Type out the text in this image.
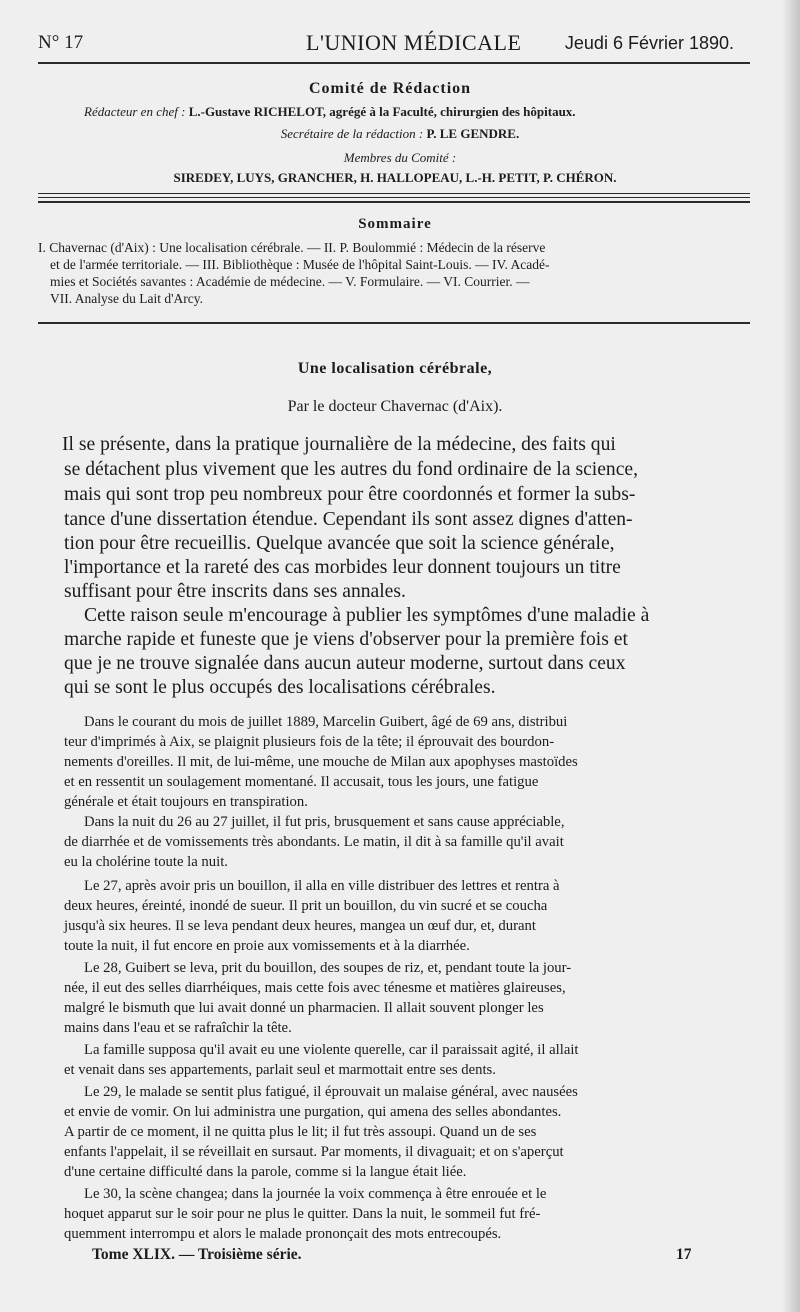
N° 17	L'UNION MÉDICALE Jeudi 6 Février 1890.
Comité de Rédaction
Rédacteur en chef : L.-Gustave RICHELOT, agrégé à la Faculté, chirurgien des hôpitaux.
Secrétaire de la rédaction : P. LE GENDRE.
Membres du Comité :
SIREDEY, LUYS, GRANCHER, H. HALLOPEAU, L.-H. PETIT, P. CHÉRON.
Sommaire
I. Chavernac (d'Aix) : Une localisation cérébrale. — II. P. Boulommié : Médecin de la réserve
et de l'armée territoriale. — III. Bibliothèque : Musée de l'hôpital Saint-Louis. — IV. Acadé-
mies et Sociétés savantes : Académie de médecine. — V. Formulaire. — VI. Courrier. —
VII. Analyse du Lait d'Arcy.
Une localisation cérébrale,
Par le docteur Chavernac (d'Aix).
Il se présente, dans la pratique journalière de la médecine, des faits qui
se détachent plus vivement que les autres du fond ordinaire de la science,
mais qui sont trop peu nombreux pour être coordonnés et former la subs-
tance d'une dissertation étendue. Cependant ils sont assez dignes d'atten-
tion pour être recueillis. Quelque avancée que soit la science générale,
l'importance et la rareté des cas morbides leur donnent toujours un titre
suffisant pour être inscrits dans ses annales.
Cette raison seule m'encourage à publier les symptômes d'une maladie à
marche rapide et funeste que je viens d'observer pour la première fois et
que je ne trouve signalée dans aucun auteur moderne, surtout dans ceux
qui se sont le plus occupés des localisations cérébrales.
Dans le courant du mois de juillet 1889, Marcelin Guibert, âgé de 69 ans, distribui
teur d'imprimés à Aix, se plaignit plusieurs fois de la tête; il éprouvait des bourdon-
nements d'oreilles. Il mit, de lui-même, une mouche de Milan aux apophyses mastoïdes
et en ressentit un soulagement momentané. Il accusait, tous les jours, une fatigue
générale et était toujours en transpiration.
Dans la nuit du 26 au 27 juillet, il fut pris, brusquement et sans cause appréciable,
de diarrhée et de vomissements très abondants. Le matin, il dit à sa famille qu'il avait
eu la cholérine toute la nuit.
Le 27, après avoir pris un bouillon, il alla en ville distribuer des lettres et rentra à
deux heures, éreinté, inondé de sueur. Il prit un bouillon, du vin sucré et se coucha
jusqu'à six heures. Il se leva pendant deux heures, mangea un œuf dur, et, durant
toute la nuit, il fut encore en proie aux vomissements et à la diarrhée.
Le 28, Guibert se leva, prit du bouillon, des soupes de riz, et, pendant toute la jour-
née, il eut des selles diarrhéiques, mais cette fois avec ténesme et matières glaireuses,
malgré le bismuth que lui avait donné un pharmacien. Il allait souvent plonger les
mains dans l'eau et se rafraîchir la tête.
La famille supposa qu'il avait eu une violente querelle, car il paraissait agité, il allait
et venait dans ses appartements, parlait seul et marmottait entre ses dents.
Le 29, le malade se sentit plus fatigué, il éprouvait un malaise général, avec nausées
et envie de vomir. On lui administra une purgation, qui amena des selles abondantes.
A partir de ce moment, il ne quitta plus le lit; il fut très assoupi. Quand un de ses
enfants l'appelait, il se réveillait en sursaut. Par moments, il divaguait; et on s'aperçut
d'une certaine difficulté dans la parole, comme si la langue était liée.
Le 30, la scène changea; dans la journée la voix commença à être enrouée et le
hoquet apparut sur le soir pour ne plus le quitter. Dans la nuit, le sommeil fut fré-
quemment interrompu et alors le malade prononçait des mots entrecoupés.
Tome XLIX. — Troisième série.	17
